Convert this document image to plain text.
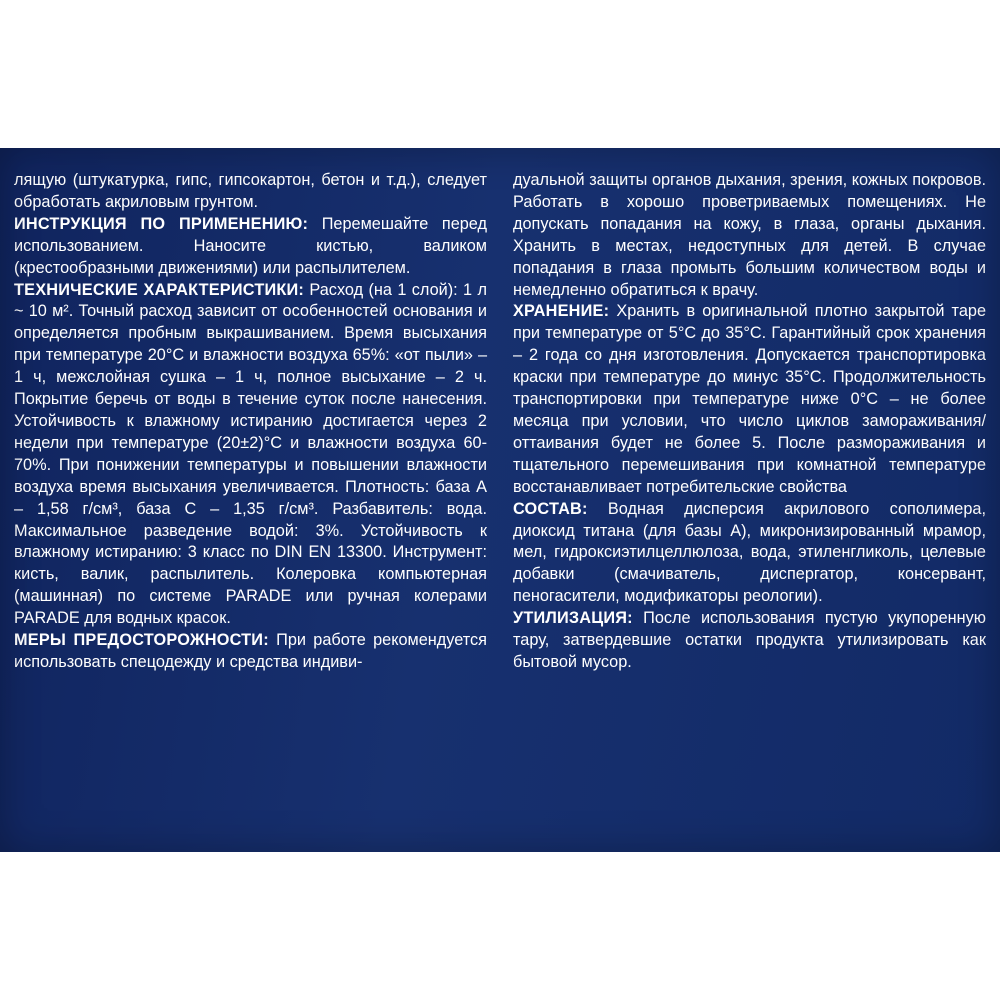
лящую (штукатурка, гипс, гипсокартон, бетон и т.д.), следует обработать акриловым грунтом.

ИНСТРУКЦИЯ ПО ПРИМЕНЕНИЮ: Перемешайте перед использованием. Наносите кистью, валиком (крестообразными движениями) или распылителем.

ТЕХНИЧЕСКИЕ ХАРАКТЕРИСТИКИ: Расход (на 1 слой): 1 л ~ 10 м². Точный расход зависит от особенностей основания и определяется пробным выкрашиванием. Время высыхания при температуре 20°С и влажности воздуха 65%: «от пыли» – 1 ч, межслойная сушка – 1 ч, полное высыхание – 2 ч. Покрытие беречь от воды в течение суток после нанесения. Устойчивость к влажному истиранию достигается через 2 недели при температуре (20±2)°С и влажности воздуха 60-70%. При понижении температуры и повышении влажности воздуха время высыхания увеличивается. Плотность: база А – 1,58 г/см³, база С – 1,35 г/см³. Разбавитель: вода. Максимальное разведение водой: 3%. Устойчивость к влажному истиранию: 3 класс по DIN EN 13300. Инструмент: кисть, валик, распылитель. Колеровка компьютерная (машинная) по системе PARADE или ручная колерами PARADE для водных красок.

МЕРЫ ПРЕДОСТОРОЖНОСТИ: При работе рекомендуется использовать спецодежду и средства индиви-

дуальной защиты органов дыхания, зрения, кожных покровов. Работать в хорошо проветриваемых помещениях. Не допускать попадания на кожу, в глаза, органы дыхания. Хранить в местах, недоступных для детей. В случае попадания в глаза промыть большим количеством воды и немедленно обратиться к врачу.

ХРАНЕНИЕ: Хранить в оригинальной плотно закрытой таре при температуре от 5°С до 35°С. Гарантийный срок хранения – 2 года со дня изготовления. Допускается транспортировка краски при температуре до минус 35°С. Продолжительность транспортировки при температуре ниже 0°С – не более месяца при условии, что число циклов замораживания/оттаивания будет не более 5. После размораживания и тщательного перемешивания при комнатной температуре восстанавливает потребительские свойства

СОСТАВ: Водная дисперсия акрилового сополимера, диоксид титана (для базы А), микронизированный мрамор, мел, гидроксиэтилцеллюлоза, вода, этиленгликоль, целевые добавки (смачиватель, диспергатор, консервант, пеногасители, модификаторы реологии).

УТИЛИЗАЦИЯ: После использования пустую укупоренную тару, затвердевшие остатки продукта утилизировать как бытовой мусор.
